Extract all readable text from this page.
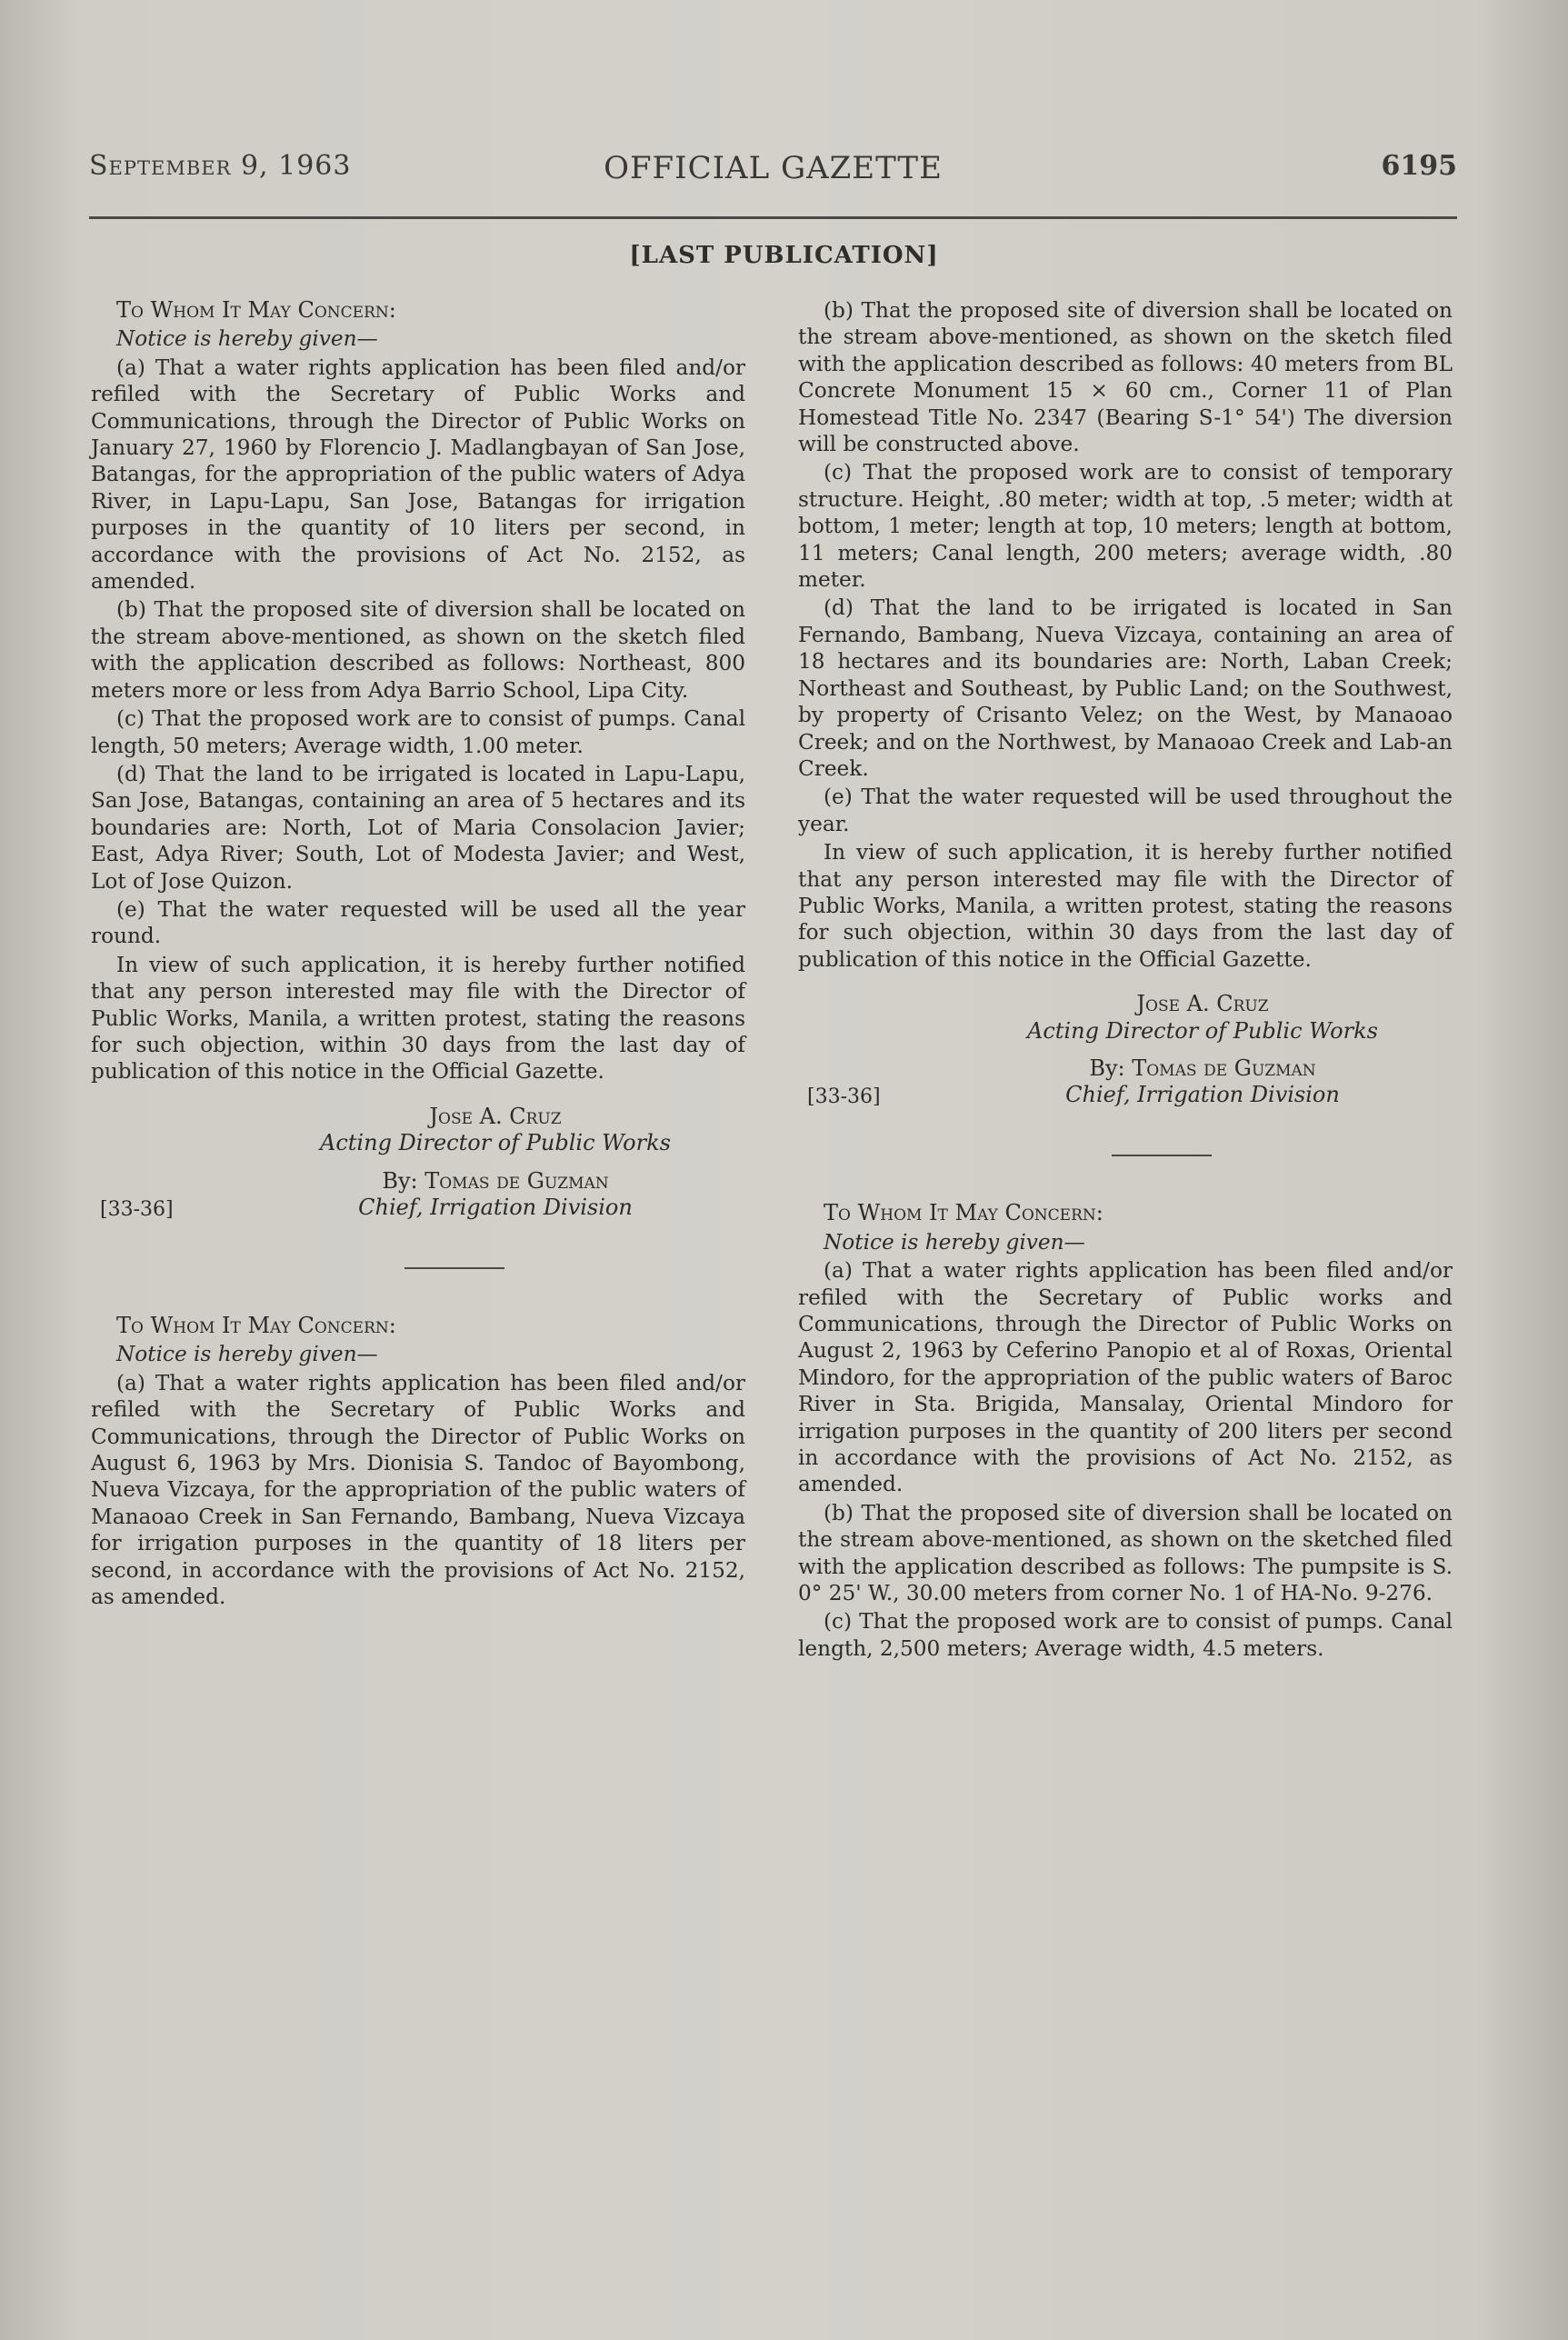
September 9, 1963	OFFICIAL GAZETTE	6195
[LAST PUBLICATION]

To Whom It May Concern:

Notice is hereby given—

(a) That a water rights application has been filed and/or refiled with the Secretary of Public Works and Communications, through the Director of Public Works on January 27, 1960 by Florencio J. Madlangbayan of San Jose, Batangas, for the appropriation of the public waters of Adya River, in Lapu-Lapu, San Jose, Batangas for irrigation purposes in the quantity of 10 liters per second, in accordance with the provisions of Act No. 2152, as amended.

(b) That the proposed site of diversion shall be located on the stream above-mentioned, as shown on the sketch filed with the application described as follows: Northeast, 800 meters more or less from Adya Barrio School, Lipa City.

(c) That the proposed work are to consist of pumps. Canal length, 50 meters; Average width, 1.00 meter.

(d) That the land to be irrigated is located in Lapu-Lapu, San Jose, Batangas, containing an area of 5 hectares and its boundaries are: North, Lot of Maria Consolacion Javier; East, Adya River; South, Lot of Modesta Javier; and West, Lot of Jose Quizon.

(e) That the water requested will be used all the year round.

In view of such application, it is hereby further notified that any person interested may file with the Director of Public Works, Manila, a written protest, stating the reasons for such objection, within 30 days from the last day of publication of this notice in the Official Gazette.

Jose A. Cruz
Acting Director of Public Works
By: Tomas de Guzman
[33-36]	Chief, Irrigation Division

To Whom It May Concern:

Notice is hereby given—

(a) That a water rights application has been filed and/or refiled with the Secretary of Public Works and Communications, through the Director of Public Works on August 6, 1963 by Mrs. Dionisia S. Tandoc of Bayombong, Nueva Vizcaya, for the appropriation of the public waters of Manaoao Creek in San Fernando, Bambang, Nueva Vizcaya for irrigation purposes in the quantity of 18 liters per second, in accordance with the provisions of Act No. 2152, as amended.

(b) That the proposed site of diversion shall be located on the stream above-mentioned, as shown on the sketch filed with the application described as follows: 40 meters from BL Concrete Monument 15 × 60 cm., Corner 11 of Plan Homestead Title No. 2347 (Bearing S-1° 54') The diversion will be constructed above.

(c) That the proposed work are to consist of temporary structure. Height, .80 meter; width at top, .5 meter; width at bottom, 1 meter; length at top, 10 meters; length at bottom, 11 meters; Canal length, 200 meters; average width, .80 meter.

(d) That the land to be irrigated is located in San Fernando, Bambang, Nueva Vizcaya, containing an area of 18 hectares and its boundaries are: North, Laban Creek; Northeast and Southeast, by Public Land; on the Southwest, by property of Crisanto Velez; on the West, by Manaoao Creek; and on the Northwest, by Manaoao Creek and Lab-an Creek.

(e) That the water requested will be used throughout the year.

In view of such application, it is hereby further notified that any person interested may file with the Director of Public Works, Manila, a written protest, stating the reasons for such objection, within 30 days from the last day of publication of this notice in the Official Gazette.

Jose A. Cruz
Acting Director of Public Works
By: Tomas de Guzman
[33-36]	Chief, Irrigation Division

To Whom It May Concern:

Notice is hereby given—

(a) That a water rights application has been filed and/or refiled with the Secretary of Public works and Communications, through the Director of Public Works on August 2, 1963 by Ceferino Panopio et al of Roxas, Oriental Mindoro, for the appropriation of the public waters of Baroc River in Sta. Brigida, Mansalay, Oriental Mindoro for irrigation purposes in the quantity of 200 liters per second in accordance with the provisions of Act No. 2152, as amended.

(b) That the proposed site of diversion shall be located on the stream above-mentioned, as shown on the sketched filed with the application described as follows: The pumpsite is S. 0° 25' W., 30.00 meters from corner No. 1 of HA-No. 9-276.

(c) That the proposed work are to consist of pumps. Canal length, 2,500 meters; Average width, 4.5 meters.
